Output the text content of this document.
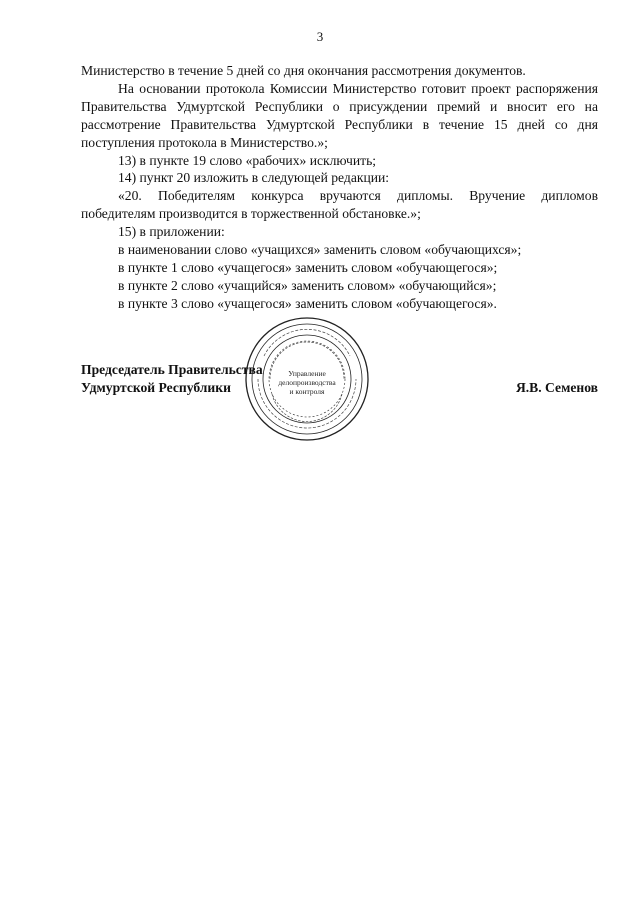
3

Министерство в течение 5 дней со дня окончания рассмотрения документов.

На основании протокола Комиссии Министерство готовит проект распоряжения Правительства Удмуртской Республики о присуждении премий и вносит его на рассмотрение Правительства Удмуртской Республики в течение 15 дней со дня поступления протокола в Министерство.»;

13) в пункте 19 слово «рабочих» исключить;

14) пункт 20 изложить в следующей редакции:

«20. Победителям конкурса вручаются дипломы. Вручение дипломов победителям производится в торжественной обстановке.»;

15) в приложении:

в наименовании слово «учащихся» заменить словом «обучающихся»;

в пункте 1 слово «учащегося» заменить словом «обучающегося»;

в пункте 2 слово «учащийся» заменить словом» «обучающийся»;

в пункте 3 слово «учащегося» заменить словом «обучающегося».

Управление
делопроизводства
и контроля
Председатель Правительства
Удмуртской Республики	Я.В. Семенов
